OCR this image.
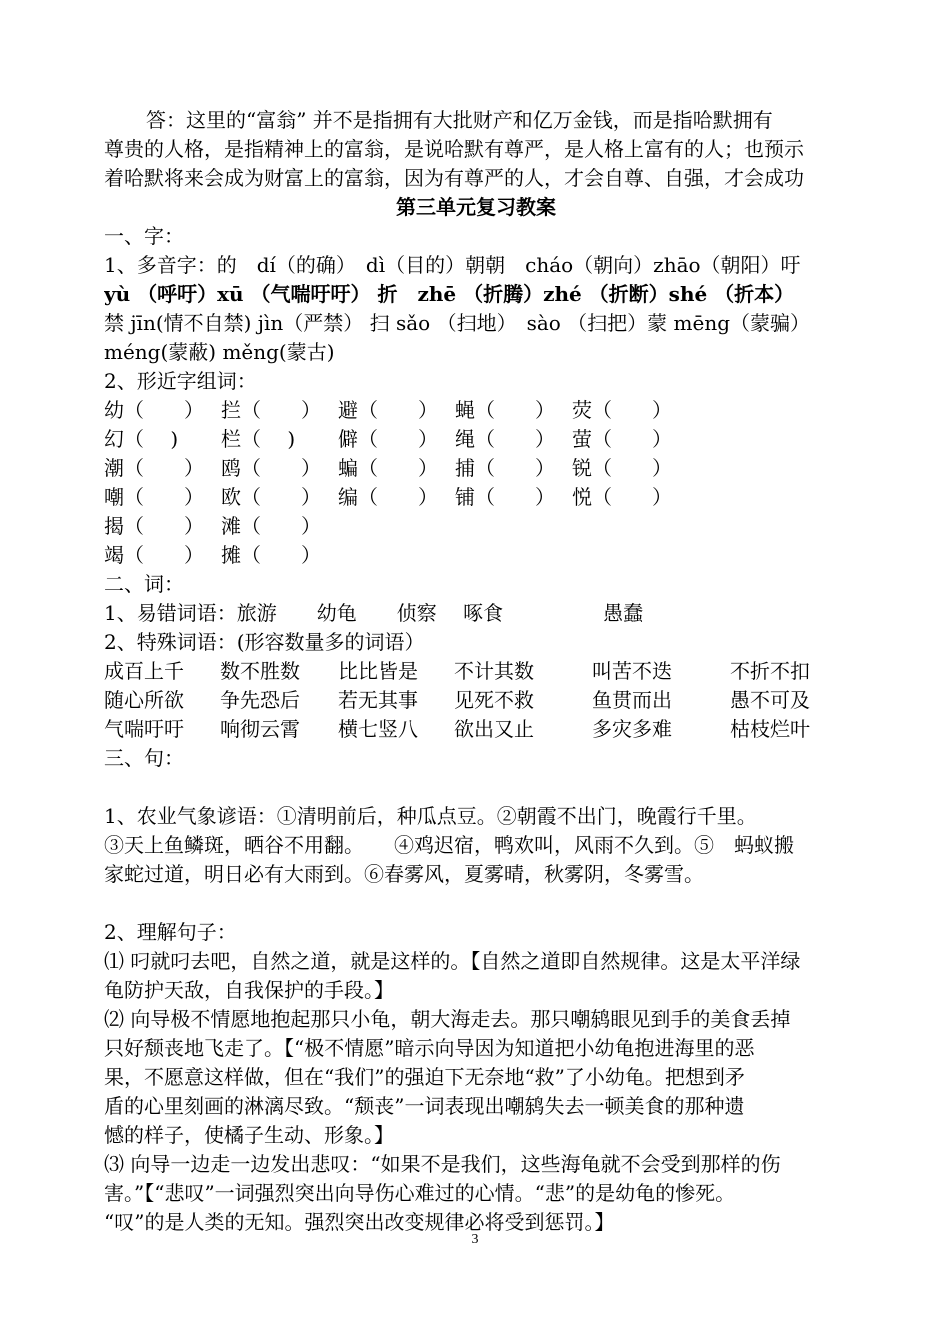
答：这里的“富翁” 并不是指拥有大批财产和亿万金钱，而是指哈默拥有
尊贵的人格，是指精神上的富翁，是说哈默有尊严，是人格上富有的人；也预示
着哈默将来会成为财富上的富翁，因为有尊严的人，才会自尊、自强，才会成功
第三单元复习教案
一、字：
1、多音字：的　dí（的确）　dì（目的）朝朝　cháo（朝向）zhāo（朝阳）吁
yù （呼吁）xū （气喘吁吁） 折　zhē （折腾）zhé （折断）shé （折本）
禁 jīn(情不自禁) jìn（严禁） 扫 sǎo （扫地）　sào （扫把）蒙 mēng（蒙骗）
méng(蒙蔽) měng(蒙古)
2、形近字组词：
幼（　　） 拦（　　） 避（　　） 蝇（　　） 荧（　　）
幻（　 )	栏（　 )	僻（　　） 绳（　　） 萤（　　）
潮（　　） 鸥（　　） 蝙（　　） 捕（　　） 锐（　　）
嘲（　　） 欧（　　） 编（　　） 铺（　　） 悦（　　）
揭（　　） 滩（　　）
竭（　　） 摊（　　）
二、词：
1、易错词语：旅游　　幼龟　　侦察　 啄食　　　　　愚蠢
2、特殊词语：(形容数量多的词语）
成百上千	数不胜数	比比皆是	不计其数	叫苦不迭	不折不扣
随心所欲	争先恐后	若无其事	见死不救	鱼贯而出	愚不可及
气喘吁吁	响彻云霄	横七竖八	欲出又止	多灾多难	枯枝烂叶
三、句：
1、农业气象谚语：①清明前后，种瓜点豆。②朝霞不出门，晚霞行千里。
③天上鱼鳞斑，晒谷不用翻。　　④鸡迟宿，鸭欢叫，风雨不久到。⑤　蚂蚁搬
家蛇过道，明日必有大雨到。⑥春雾风，夏雾晴，秋雾阴，冬雾雪。
2、理解句子：
⑴ 叼就叼去吧，自然之道，就是这样的。【自然之道即自然规律。这是太平洋绿
龟防护天敌，自我保护的手段。】
⑵ 向导极不情愿地抱起那只小龟，朝大海走去。那只嘲鸫眼见到手的美食丢掉
只好颓丧地飞走了。【“极不情愿”暗示向导因为知道把小幼龟抱进海里的恶
果，不愿意这样做，但在“我们”的强迫下无奈地“救”了小幼龟。把想到矛
盾的心里刻画的淋漓尽致。“颓丧”一词表现出嘲鸫失去一顿美食的那种遗
憾的样子，使橘子生动、形象。】
⑶ 向导一边走一边发出悲叹：“如果不是我们，这些海龟就不会受到那样的伤
害。”【“悲叹”一词强烈突出向导伤心难过的心情。“悲”的是幼龟的惨死。
“叹”的是人类的无知。强烈突出改变规律必将受到惩罚。】
3
